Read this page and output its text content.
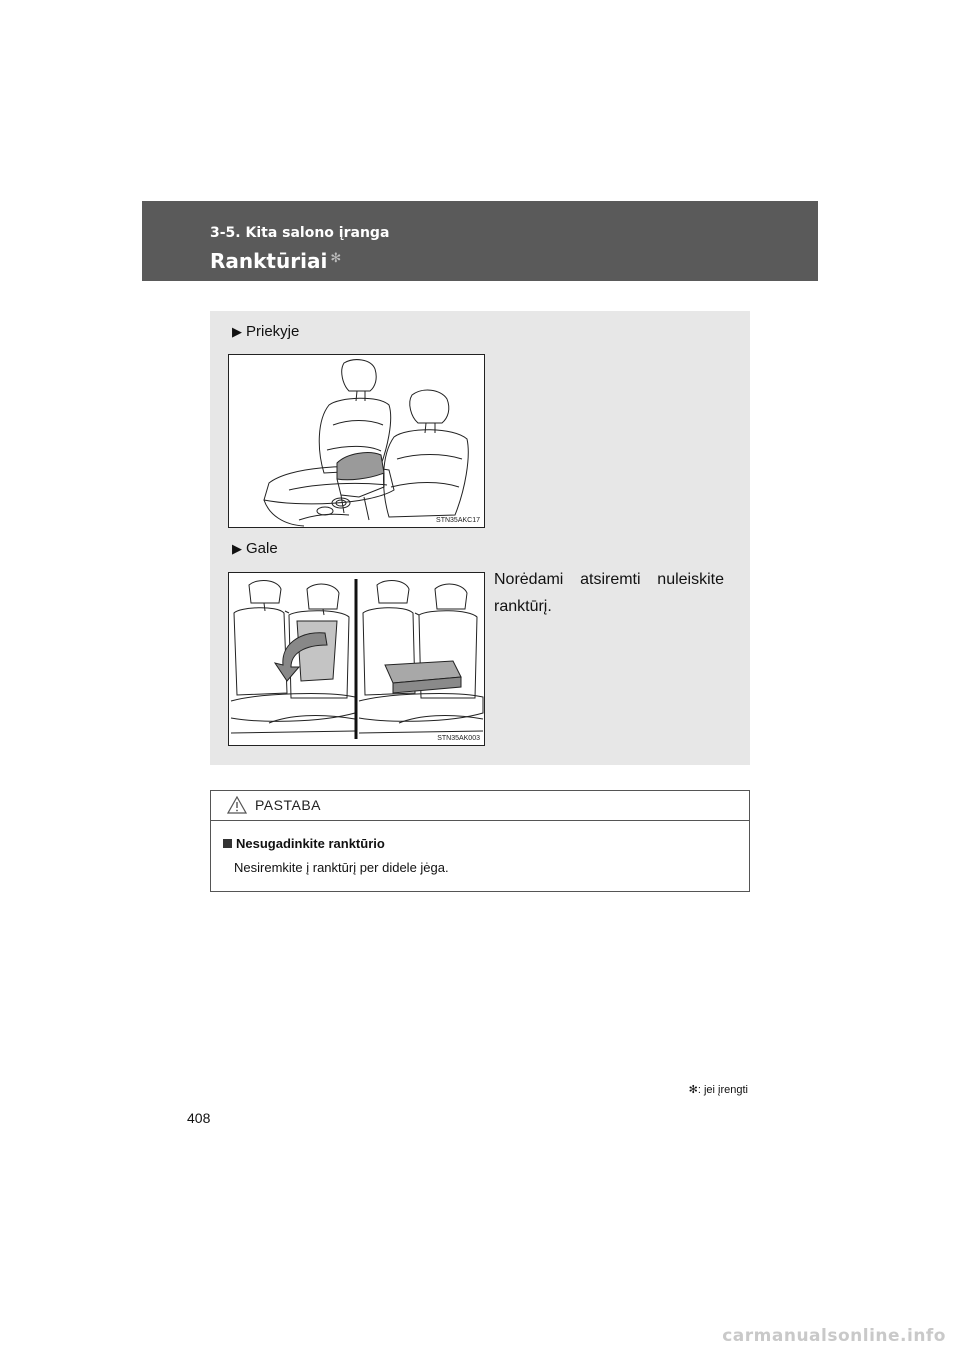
3-5. Kita salono įranga
Ranktūriai ✻
▶ Priekyje
STN35AKC17
▶ Gale
STN35AK003
Norėdami atsiremti nuleiskite ranktūrį.
PASTABA
Nesugadinkite ranktūrio
Nesiremkite į ranktūrį per didele jėga.
✻: jei įrengti
408
carmanualsonline.info
